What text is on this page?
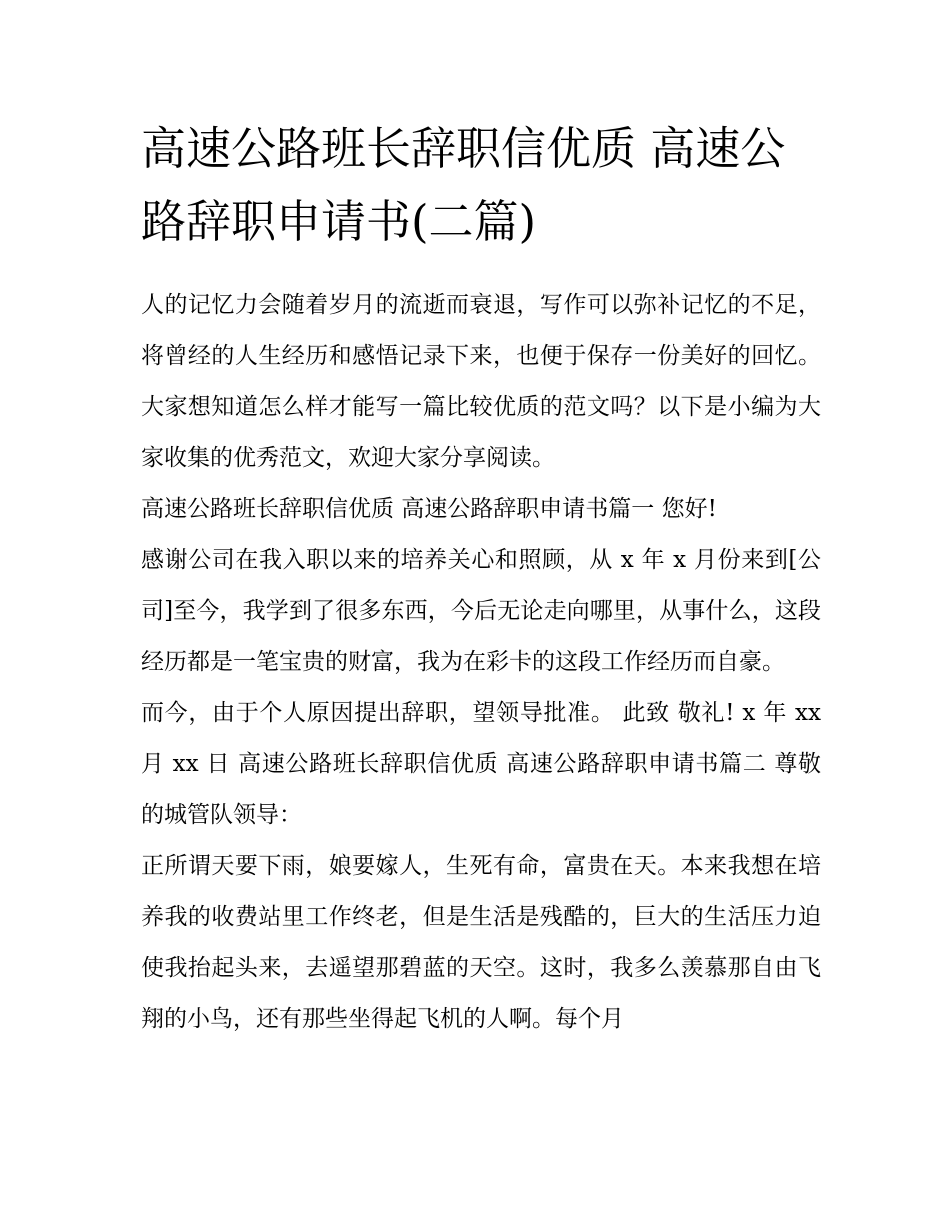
高速公路班长辞职信优质 高速公路辞职申请书(二篇)

人的记忆力会随着岁月的流逝而衰退，写作可以弥补记忆的不足，将曾经的人生经历和感悟记录下来，也便于保存一份美好的回忆。大家想知道怎么样才能写一篇比较优质的范文吗？以下是小编为大家收集的优秀范文，欢迎大家分享阅读。

高速公路班长辞职信优质 高速公路辞职申请书篇一 您好!

感谢公司在我入职以来的培养关心和照顾，从 x 年 x 月份来到[公司]至今，我学到了很多东西，今后无论走向哪里，从事什么，这段经历都是一笔宝贵的财富，我为在彩卡的这段工作经历而自豪。

而今，由于个人原因提出辞职，望领导批准。 此致 敬礼! x 年 xx 月 xx 日 高速公路班长辞职信优质 高速公路辞职申请书篇二 尊敬的城管队领导：

正所谓天要下雨，娘要嫁人，生死有命，富贵在天。本来我想在培养我的收费站里工作终老，但是生活是残酷的，巨大的生活压力迫使我抬起头来，去遥望那碧蓝的天空。这时，我多么羡慕那自由飞翔的小鸟，还有那些坐得起飞机的人啊。每个月
